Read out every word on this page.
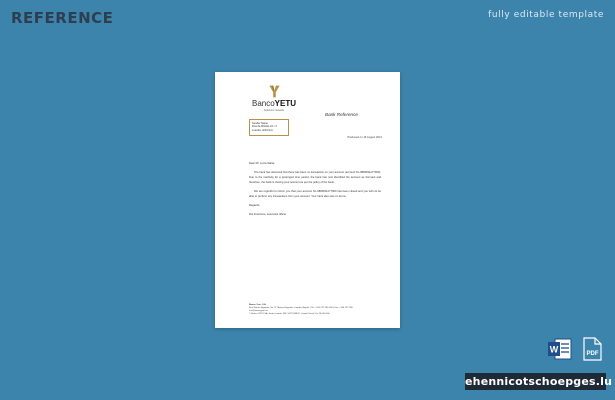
REFERENCE	fully editable template
BancoYETU
Solutions towards
Sender Name
Rua da Missão 22 • 3
Luanda, ANGOLA
Bank Reference
Produced on 15 August 2021

Dear Mr. Luiza Sabar,

The bank has observed that there has been no transaction on your account (account No 9883811277900). Due to the inactivity for a prolonged time period, the bank has now identified the account as dormant and therefore, the bank is closing your account as per the policy of the bank.

We are regretful to inform you that your account No 9883811277900 has been closed and you will not be able to perform any transactions from your account. Your bank also sets on terms.

Regards,

Rui Francisco, executive officer

Banco Yetu, S.A.
Rua Marien Ngouabi, No 71, Marien Ngouabi, Luanda, Angola | Tel: +244 227 280 000 | Fax: +244 227 280
info@bancoyetu.ao
© Banco YETU SA, Sede Luanda, NIF: 5417543876, Capital Social: Kz 36.000.000
W	PDF
ehennicotschoepges.lu
